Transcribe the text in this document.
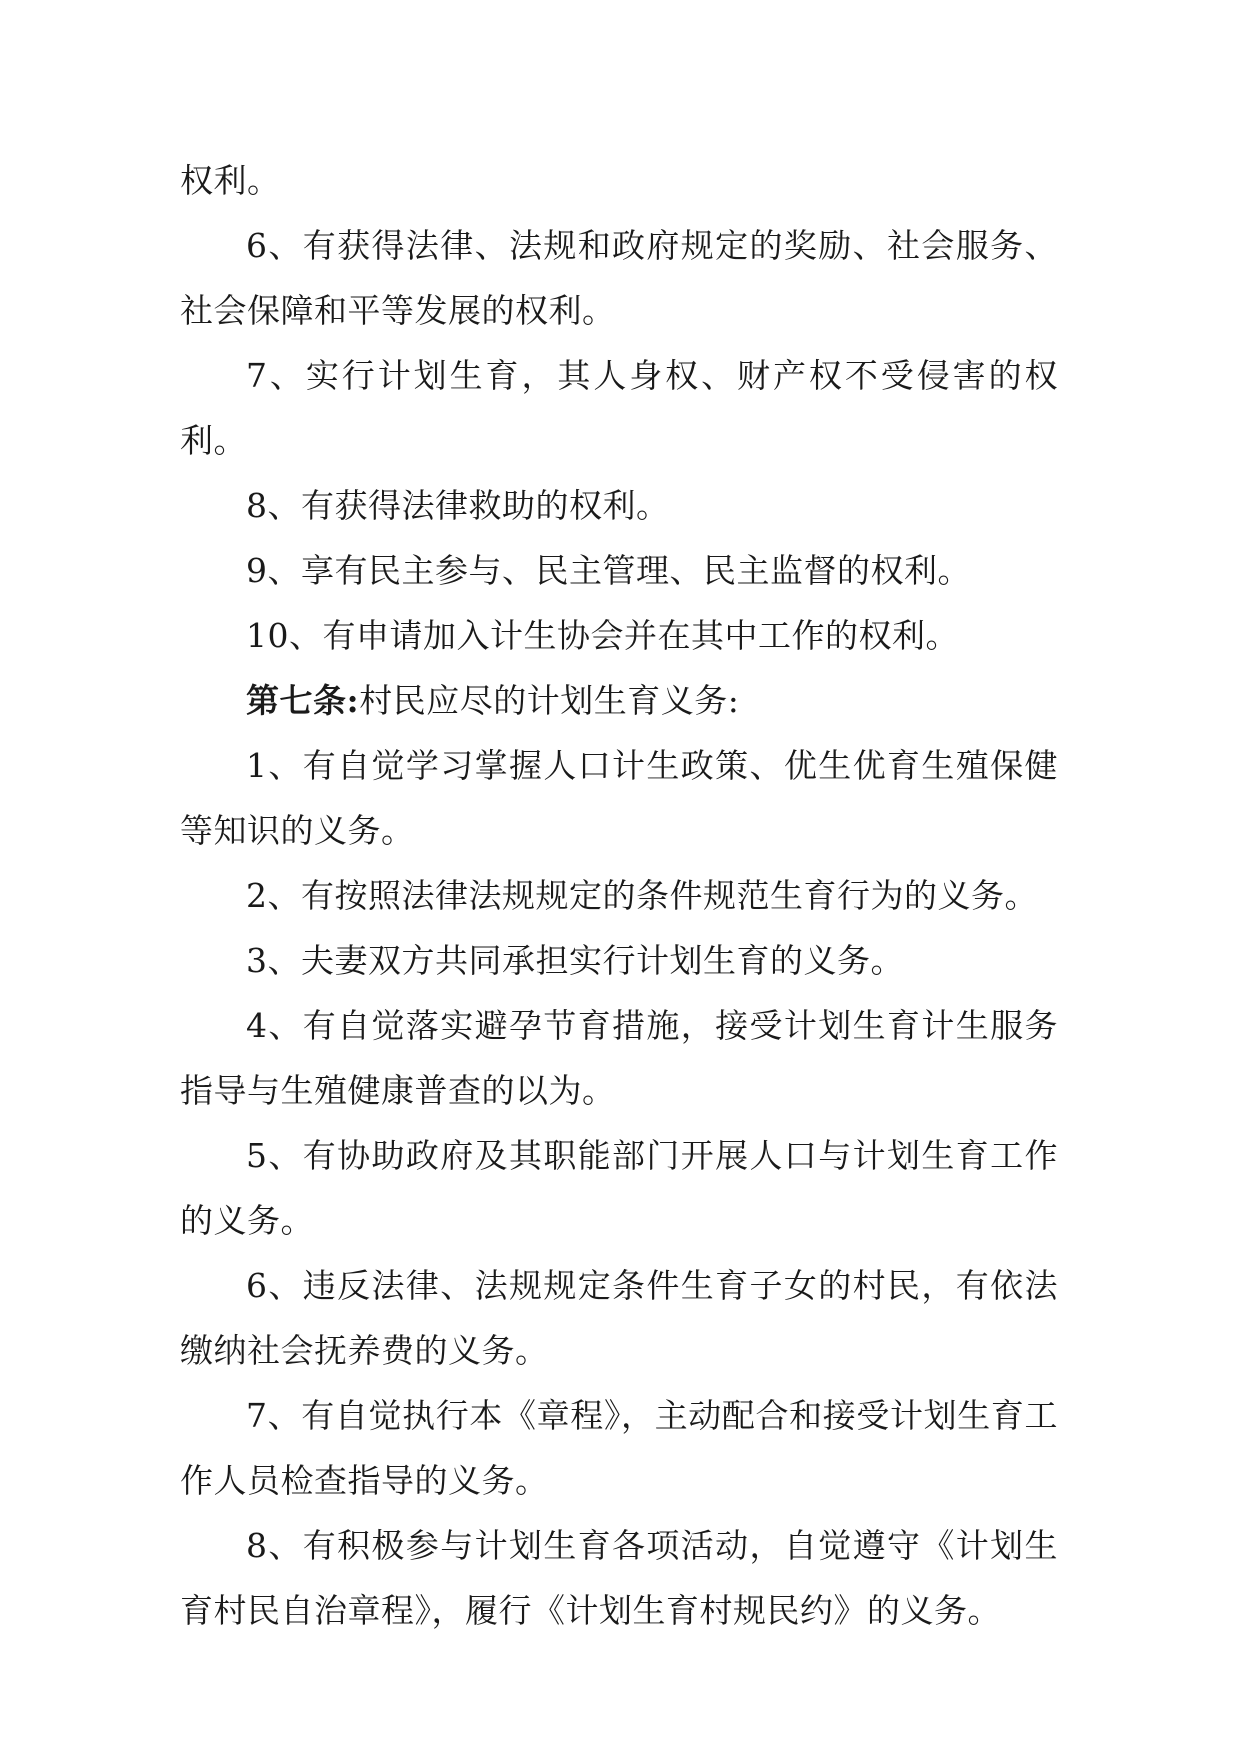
权利。

6、有获得法律、法规和政府规定的奖励、社会服务、社会保障和平等发展的权利。

7、实行计划生育，其人身权、财产权不受侵害的权利。

8、有获得法律救助的权利。

9、享有民主参与、民主管理、民主监督的权利。

10、有申请加入计生协会并在其中工作的权利。

第七条:村民应尽的计划生育义务:

1、有自觉学习掌握人口计生政策、优生优育生殖保健等知识的义务。

2、有按照法律法规规定的条件规范生育行为的义务。

3、夫妻双方共同承担实行计划生育的义务。

4、有自觉落实避孕节育措施，接受计划生育计生服务指导与生殖健康普查的以为。

5、有协助政府及其职能部门开展人口与计划生育工作的义务。

6、违反法律、法规规定条件生育子女的村民，有依法缴纳社会抚养费的义务。

7、有自觉执行本《章程》，主动配合和接受计划生育工作人员检查指导的义务。

8、有积极参与计划生育各项活动，自觉遵守《计划生育村民自治章程》，履行《计划生育村规民约》的义务。
